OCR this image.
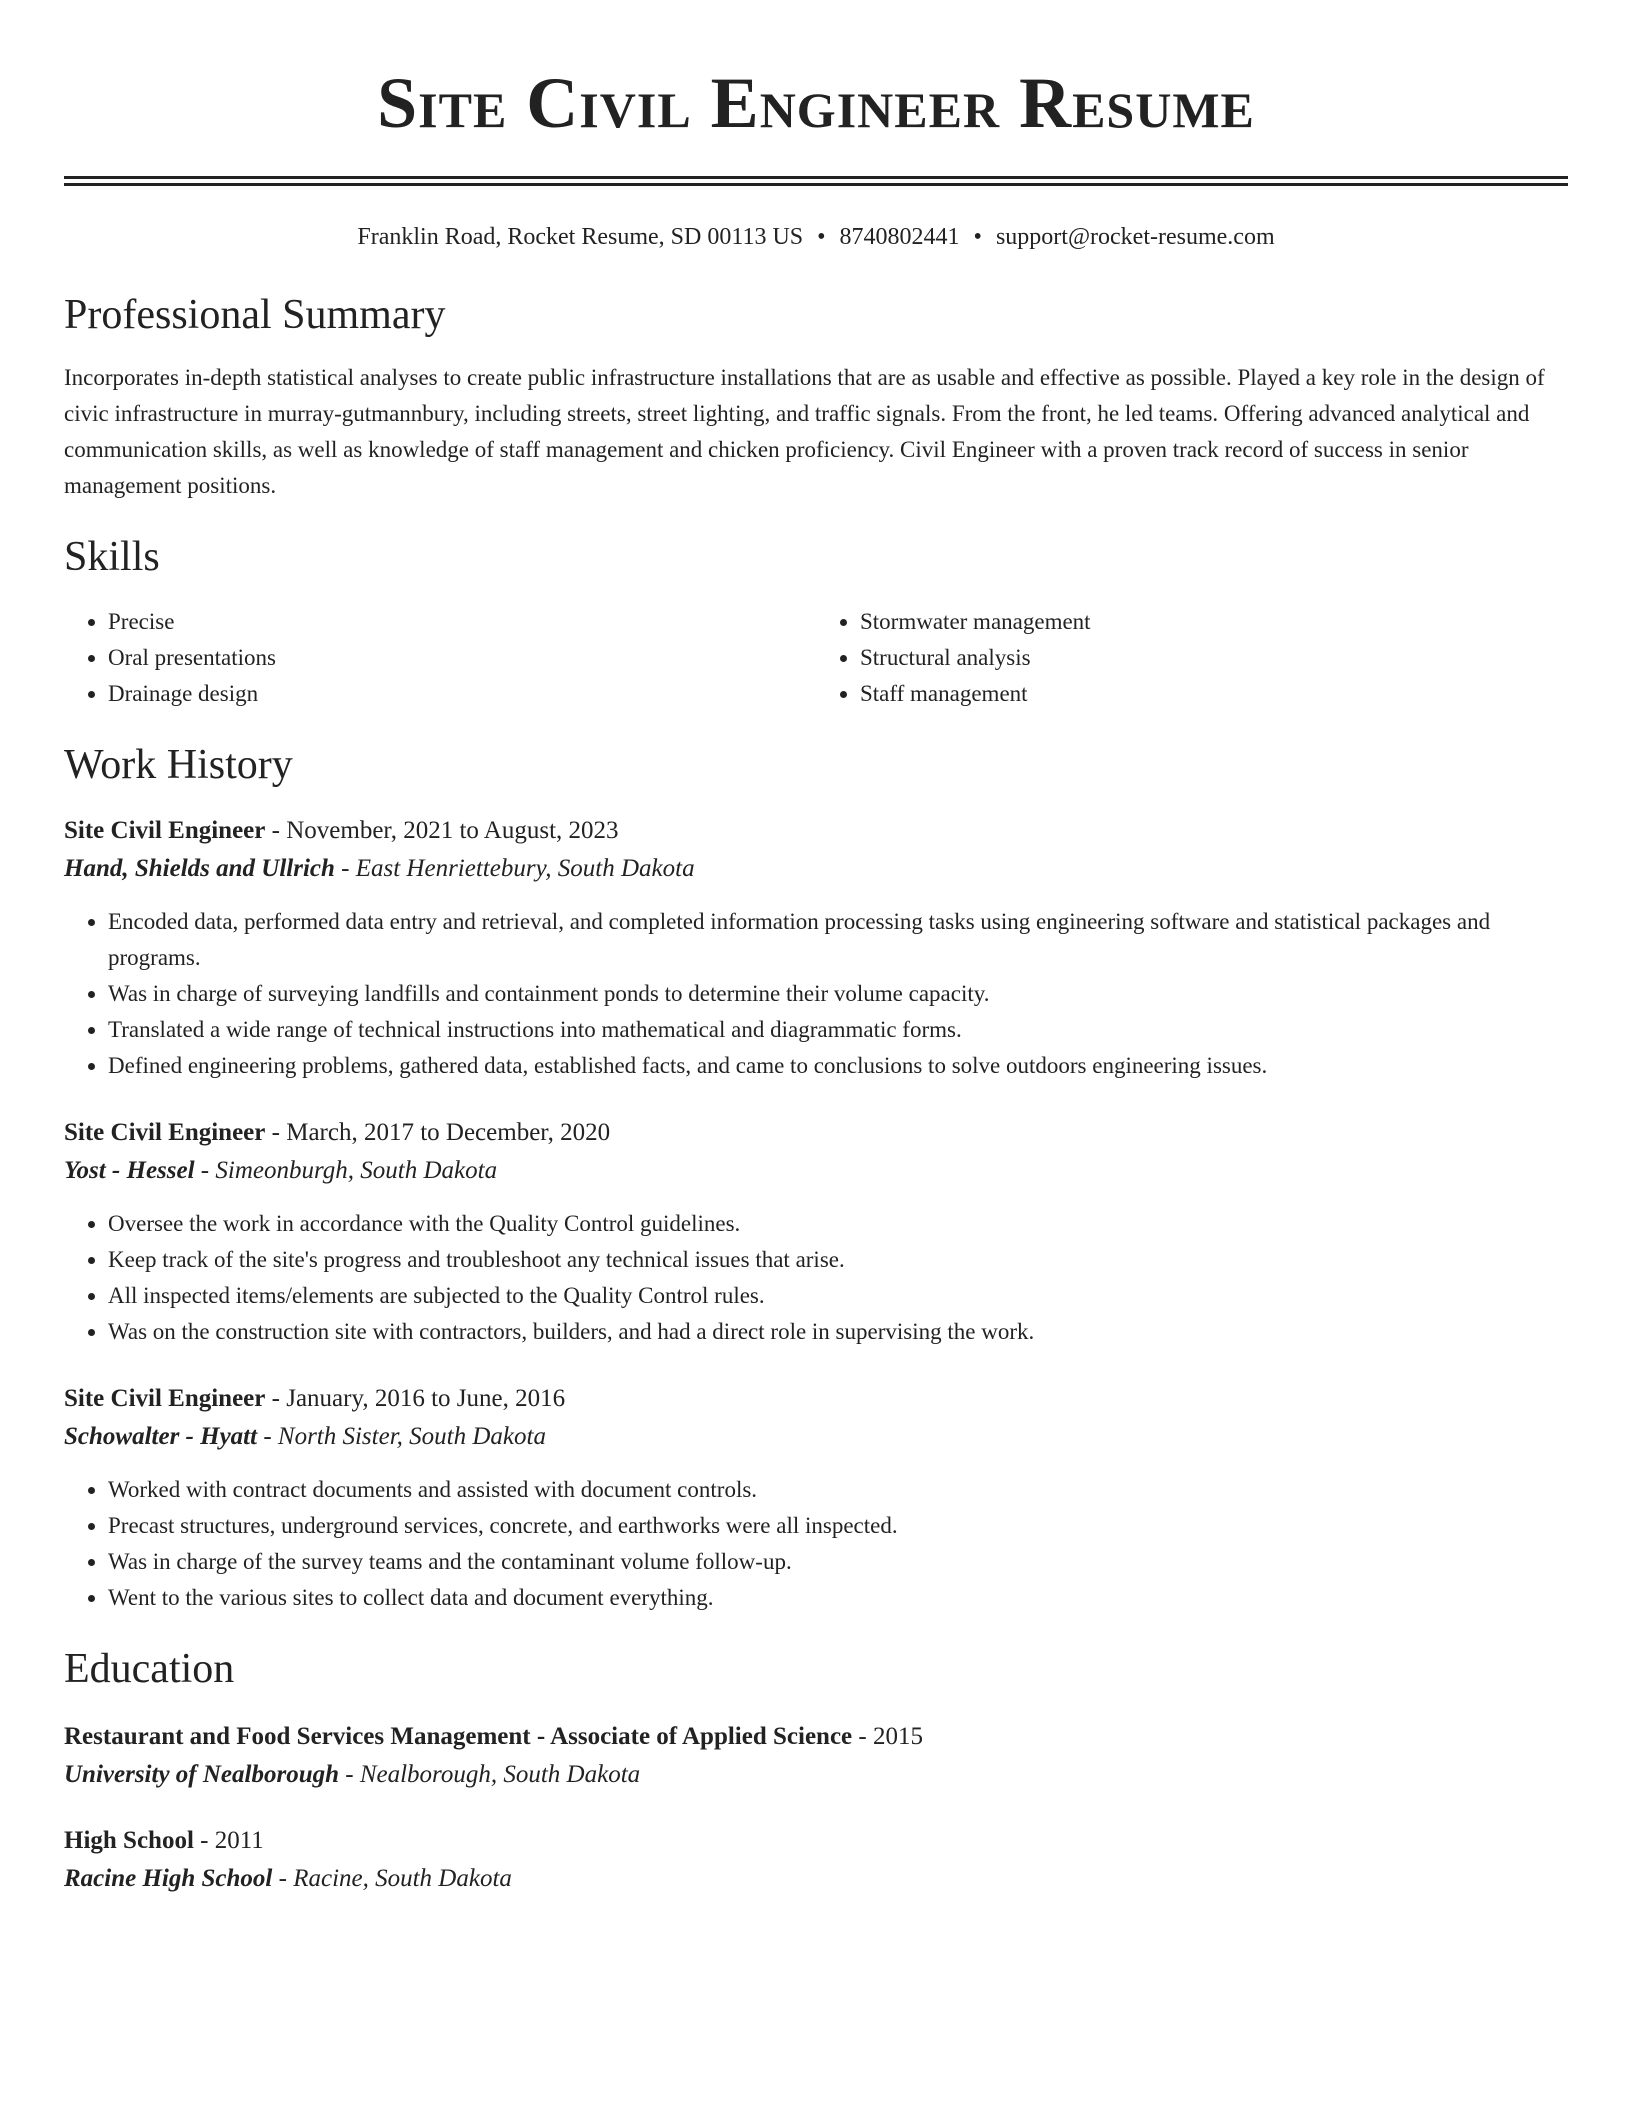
Site Civil Engineer Resume
Franklin Road, Rocket Resume, SD 00113 US • 8740802441 • support@rocket-resume.com
Professional Summary

Incorporates in-depth statistical analyses to create public infrastructure installations that are as usable and effective as possible. Played a key role in the design of civic infrastructure in murray-gutmannbury, including streets, street lighting, and traffic signals. From the front, he led teams. Offering advanced analytical and communication skills, as well as knowledge of staff management and chicken proficiency. Civil Engineer with a proven track record of success in senior management positions.

Skills
• Precise
• Oral presentations
• Drainage design
• Stormwater management
• Structural analysis
• Staff management
Work History

Site Civil Engineer - November, 2021 to August, 2023

Hand, Shields and Ullrich - East Henriettebury, South Dakota

• Encoded data, performed data entry and retrieval, and completed information processing tasks using engineering software and statistical packages and programs.
• Was in charge of surveying landfills and containment ponds to determine their volume capacity.
• Translated a wide range of technical instructions into mathematical and diagrammatic forms.
• Defined engineering problems, gathered data, established facts, and came to conclusions to solve outdoors engineering issues.

Site Civil Engineer - March, 2017 to December, 2020

Yost - Hessel - Simeonburgh, South Dakota

• Oversee the work in accordance with the Quality Control guidelines.
• Keep track of the site's progress and troubleshoot any technical issues that arise.
• All inspected items/elements are subjected to the Quality Control rules.
• Was on the construction site with contractors, builders, and had a direct role in supervising the work.

Site Civil Engineer - January, 2016 to June, 2016

Schowalter - Hyatt - North Sister, South Dakota

• Worked with contract documents and assisted with document controls.
• Precast structures, underground services, concrete, and earthworks were all inspected.
• Was in charge of the survey teams and the contaminant volume follow-up.
• Went to the various sites to collect data and document everything.
Education

Restaurant and Food Services Management - Associate of Applied Science - 2015

University of Nealborough - Nealborough, South Dakota

High School - 2011

Racine High School - Racine, South Dakota
